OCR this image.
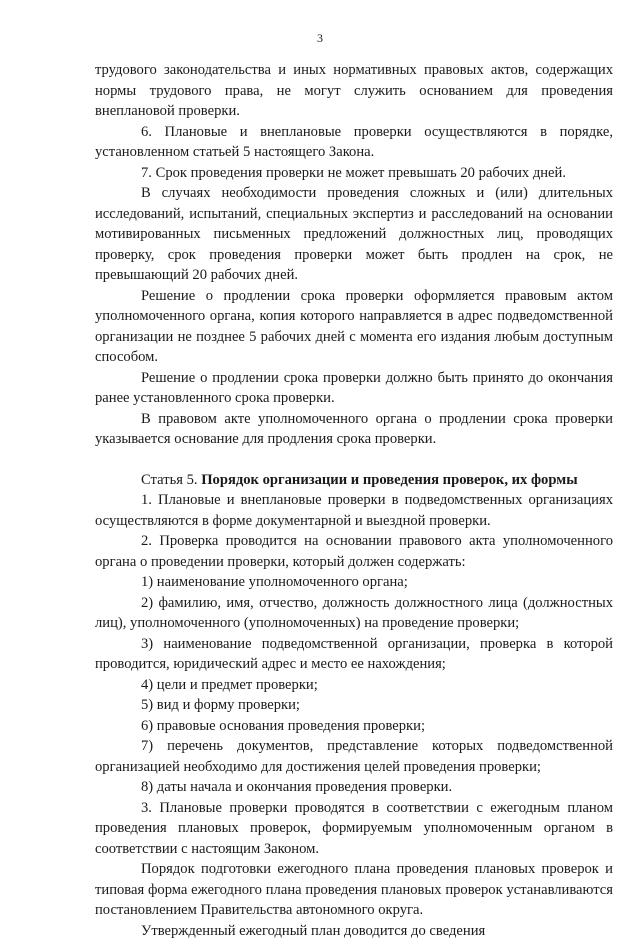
3

трудового законодательства и иных нормативных правовых актов, содержащих нормы трудового права, не могут служить основанием для проведения внеплановой проверки.

6. Плановые и внеплановые проверки осуществляются в порядке, установленном статьей 5 настоящего Закона.

7. Срок проведения проверки не может превышать 20 рабочих дней.

В случаях необходимости проведения сложных и (или) длительных исследований, испытаний, специальных экспертиз и расследований на основании мотивированных письменных предложений должностных лиц, проводящих проверку, срок проведения проверки может быть продлен на срок, не превышающий 20 рабочих дней.

Решение о продлении срока проверки оформляется правовым актом уполномоченного органа, копия которого направляется в адрес подведомственной организации не позднее 5 рабочих дней с момента его издания любым доступным способом.

Решение о продлении срока проверки должно быть принято до окончания ранее установленного срока проверки.

В правовом акте уполномоченного органа о продлении срока проверки указывается основание для продления срока проверки.

Статья 5. Порядок организации и проведения проверок, их формы

1. Плановые и внеплановые проверки в подведомственных организациях осуществляются в форме документарной и выездной проверки.

2. Проверка проводится на основании правового акта уполномоченного органа о проведении проверки, который должен содержать:

1) наименование уполномоченного органа;

2) фамилию, имя, отчество, должность должностного лица (должностных лиц), уполномоченного (уполномоченных) на проведение проверки;

3) наименование подведомственной организации, проверка в которой проводится, юридический адрес и место ее нахождения;

4) цели и предмет проверки;

5) вид и форму проверки;

6) правовые основания проведения проверки;

7) перечень документов, представление которых подведомственной организацией необходимо для достижения целей проведения проверки;

8) даты начала и окончания проведения проверки.

3. Плановые проверки проводятся в соответствии с ежегодным планом проведения плановых проверок, формируемым уполномоченным органом в соответствии с настоящим Законом.

Порядок подготовки ежегодного плана проведения плановых проверок и типовая форма ежегодного плана проведения плановых проверок устанавливаются постановлением Правительства автономного округа.

Утвержденный ежегодный план доводится до сведения
